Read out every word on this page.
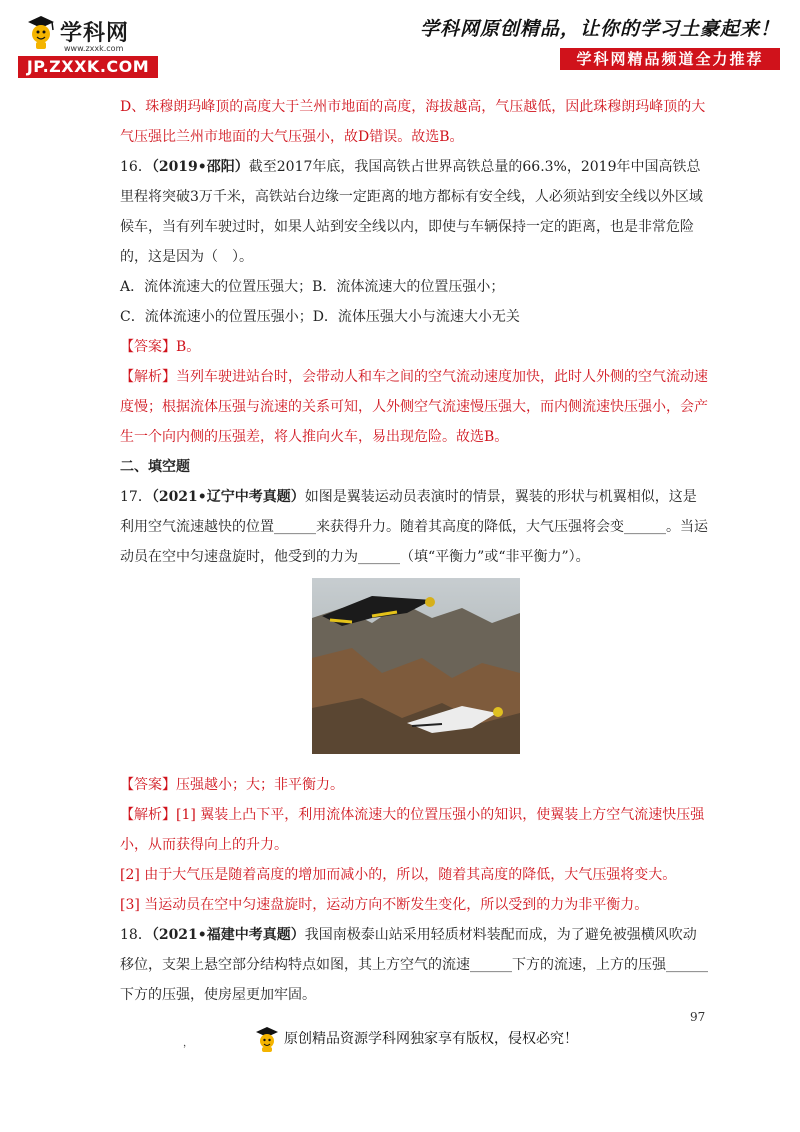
学科网
www.zxxk.com
JP.ZXXK.COM
学科网原创精品，让你的学习土豪起来！
学科网精品频道全力推荐

D、珠穆朗玛峰顶的高度大于兰州市地面的高度，海拔越高，气压越低，因此珠穆朗玛峰顶的大气压强比兰州市地面的大气压强小，故D错误。故选B。

16．（2019•邵阳）截至2017年底，我国高铁占世界高铁总量的66.3%，2019年中国高铁总里程将突破3万千米，高铁站台边缘一定距离的地方都标有安全线，人必须站到安全线以外区域候车，当有列车驶过时，如果人站到安全线以内，即使与车辆保持一定的距离，也是非常危险的，这是因为（　）。

A．流体流速大的位置压强大；B．流体流速大的位置压强小；

C．流体流速小的位置压强小；D．流体压强大小与流速大小无关

【答案】B。

【解析】当列车驶进站台时，会带动人和车之间的空气流动速度加快，此时人外侧的空气流动速度慢；根据流体压强与流速的关系可知，人外侧空气流速慢压强大，而内侧流速快压强小，会产生一个向内侧的压强差，将人推向火车，易出现危险。故选B。

二、填空题

17．（2021•辽宁中考真题）如图是翼装运动员表演时的情景，翼装的形状与机翼相似，这是利用空气流速越快的位置______来获得升力。随着其高度的降低，大气压强将会变______。当运动员在空中匀速盘旋时，他受到的力为______（填“平衡力”或“非平衡力”）。

【答案】压强越小；大；非平衡力。

【解析】[1] 翼装上凸下平，利用流体流速大的位置压强小的知识，使翼装上方空气流速快压强小，从而获得向上的升力。

[2] 由于大气压是随着高度的增加而减小的，所以，随着其高度的降低，大气压强将变大。

[3] 当运动员在空中匀速盘旋时，运动方向不断发生变化，所以受到的力为非平衡力。

18．（2021•福建中考真题）我国南极泰山站采用轻质材料装配而成，为了避免被强横风吹动移位，支架上悬空部分结构特点如图，其上方空气的流速______下方的流速，上方的压强______下方的压强，使房屋更加牢固。

97
，	原创精品资源学科网独家享有版权，侵权必究！
